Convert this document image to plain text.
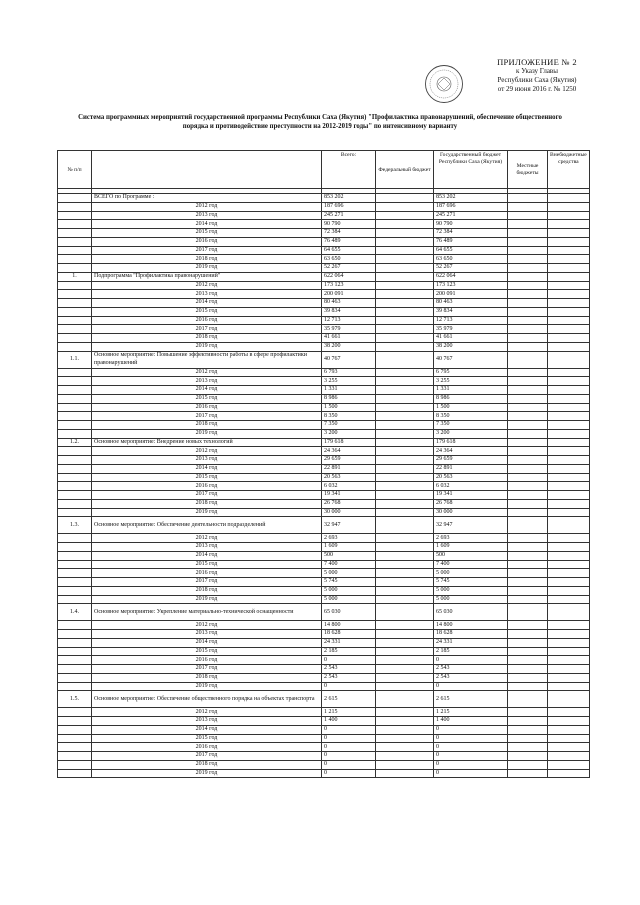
ПРИЛОЖЕНИЕ № 2
к Указу Главы
Республики Саха (Якутия)
от 29 июня 2016 г. № 1250
Система программных мероприятий государственной программы Республики Саха (Якутия) "Профилактика правонарушений, обеспечение общественного порядка и противодействие преступности на 2012-2019 годы" по интенсивному варианту
№ п/п		Всего:	Федеральный бюджет	Государственный бюджет Республики Саха (Якутия)	Местные бюджеты	Внебюджетные средства

	ВСЕГО по Программе :	853 202		853 202		
	2012 год	187 696		187 696		
	2013 год	245 271		245 271		
	2014 год	90 790		90 790		
	2015 год	72 384		72 384		
	2016 год	76 489		76 489		
	2017 год	64 655		64 655		
	2018 год	63 650		63 650		
	2019 год	52 267		52 267		
1.	Подпрограмма "Профилактика правонарушений"	622 064		622 064		
	2012 год	173 123		173 123		
	2013 год	200 091		200 091		
	2014 год	80 463		80 463		
	2015 год	39 834		39 834		
	2016 год	12 713		12 713		
	2017 год	35 979		35 979		
	2018 год	41 661		41 661		
	2019 год	38 200		38 200		
1.1.	Основное мероприятие: Повышение эффективности работы в сфере профилактики правонарушений	40 767		40 767		
	2012 год	6 793		6 795		
	2013 год	3 255		3 255		
	2014 год	1 331		1 331		
	2015 год	8 986		8 986		
	2016 год	1 500		1 500		
	2017 год	8 350		8 350		
	2018 год	7 350		7 350		
	2019 год	3 200		3 200		
1.2.	Основное мероприятие: Внедрение новых технологий	179 618		179 618		
	2012 год	24 364		24 364		
	2013 год	29 659		29 659		
	2014 год	22 891		22 891		
	2015 год	20 563		20 563		
	2016 год	6 032		6 032		
	2017 год	19 341		19 341		
	2018 год	26 768		26 768		
	2019 год	30 000		30 000		
1.3.	Основное мероприятие: Обеспечение деятельности подразделений	32 947		32 947		
	2012 год	2 693		2 693		
	2013 год	1 609		1 609		
	2014 год	500		500		
	2015 год	7 400		7 400		
	2016 год	5 000		5 000		
	2017 год	5 745		5 745		
	2018 год	5 000		5 000		
	2019 год	5 000		5 000		
1.4.	Основное мероприятие: Укрепление материально-технической оснащенности	65 030		65 030		
	2012 год	14 800		14 800		
	2013 год	18 628		18 628		
	2014 год	24 331		24 331		
	2015 год	2 185		2 185		
	2016 год	0		0		
	2017 год	2 543		2 543		
	2018 год	2 543		2 543		
	2019 год	0		0		
1.5.	Основное мероприятие: Обеспечение общественного порядка на объектах транспорта	2 615		2 615		
	2012 год	1 215		1 215		
	2013 год	1 400		1 400		
	2014 год	0		0		
	2015 год	0		0		
	2016 год	0		0		
	2017 год	0		0		
	2018 год	0		0		
	2019 год	0		0		
